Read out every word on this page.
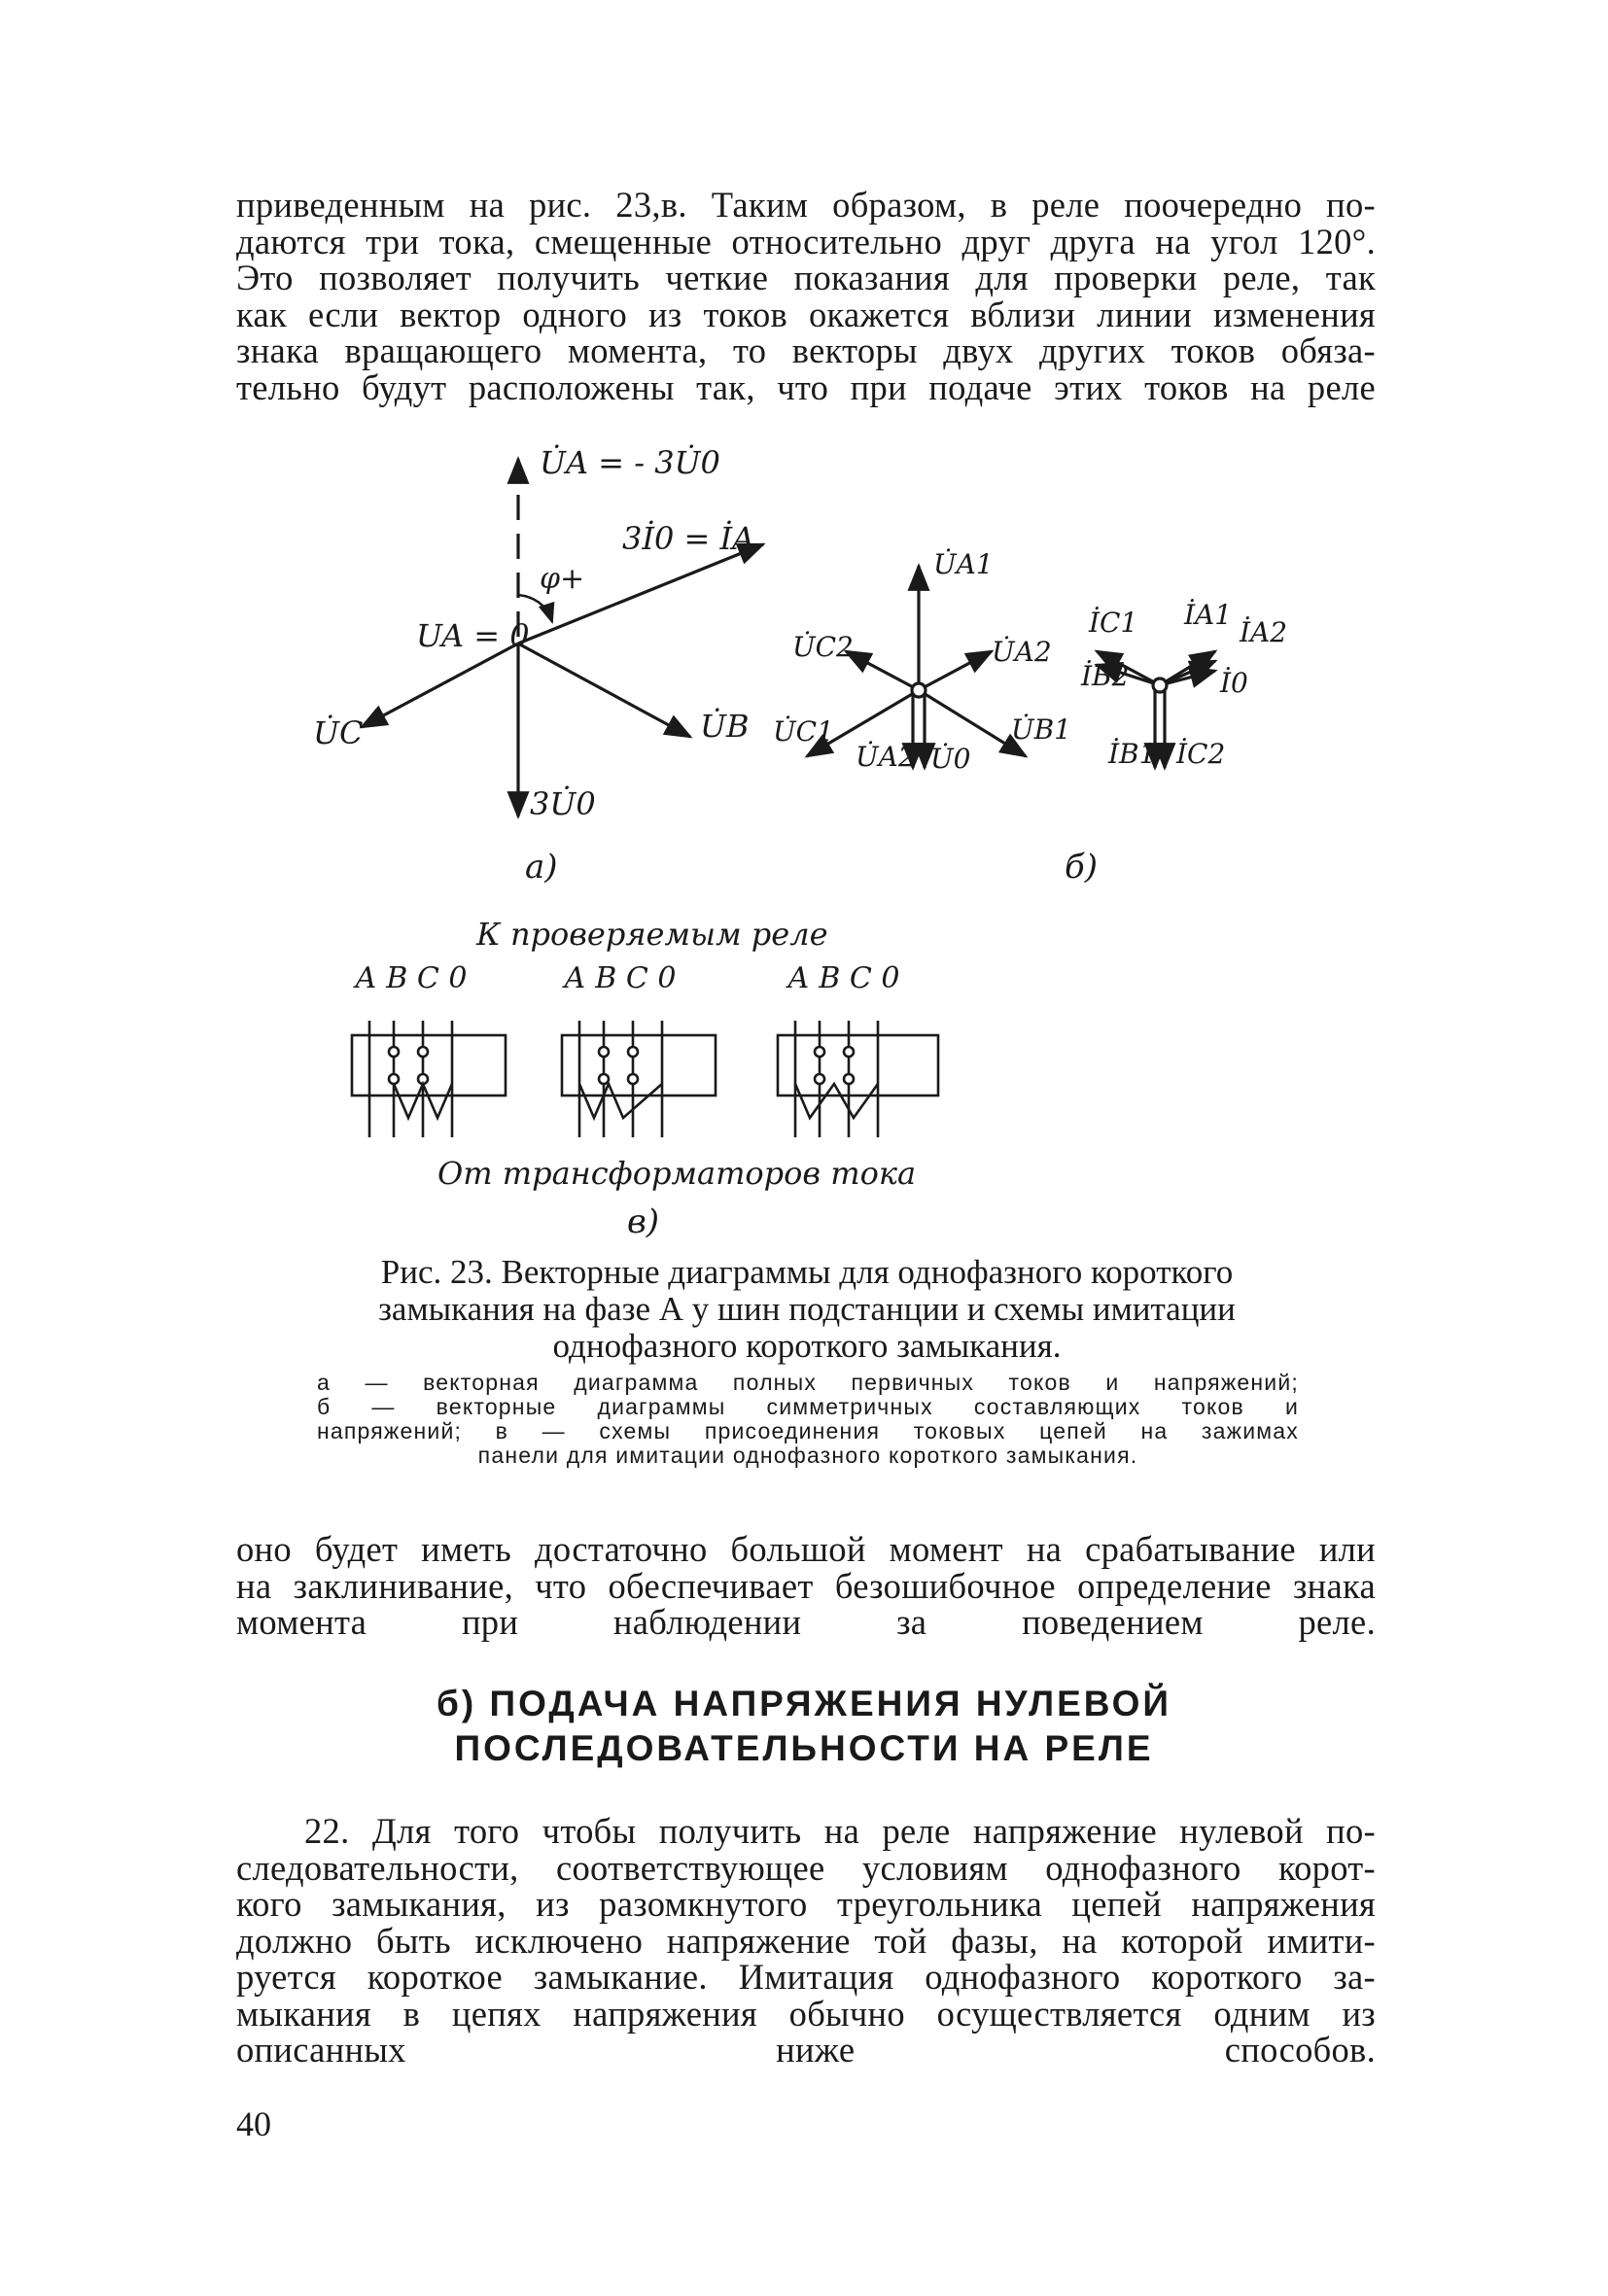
приведенным на рис. 23,в. Таким образом, в реле поочередно по-
даются три тока, смещенные относительно друг друга на угол 120°.
Это позволяет получить четкие показания для проверки реле, так
как если вектор одного из токов окажется вблизи линии изменения
знака вращающего момента, то векторы двух других токов обяза-
тельно будут расположены так, что при подаче этих токов на реле
U̇A = - 3U̇0
3İ0 = İA
φ+
UA = 0
U̇C	U̇B
3U̇0
а)
U̇A1
U̇C2	U̇A2
U̇C1
U̇A2 U̇0
U̇B1
İC1 İA1
İA2
İB2	İ0
İB1 İC2
б)
К проверяемым реле
А В С 0	А В С 0	А В С 0
От трансформаторов тока
в)
Рис. 23. Векторные диаграммы для однофазного короткого
замыкания на фазе А у шин подстанции и схемы имитации
однофазного короткого замыкания.
а — векторная диаграмма полных первичных токов и напряжений;
б — векторные диаграммы симметричных составляющих токов и
напряжений; в — схемы присоединения токовых цепей на зажимах
панели для имитации однофазного короткого замыкания.
оно будет иметь достаточно большой момент на срабатывание или
на заклинивание, что обеспечивает безошибочное определение знака
момента при наблюдении за поведением реле.
б) ПОДАЧА НАПРЯЖЕНИЯ НУЛЕВОЙ
ПОСЛЕДОВАТЕЛЬНОСТИ НА РЕЛЕ
22. Для того чтобы получить на реле напряжение нулевой по-
следовательности, соответствующее условиям однофазного корот-
кого замыкания, из разомкнутого треугольника цепей напряжения
должно быть исключено напряжение той фазы, на которой имити-
руется короткое замыкание. Имитация однофазного короткого за-
мыкания в цепях напряжения обычно осуществляется одним из
описанных ниже способов.
40
